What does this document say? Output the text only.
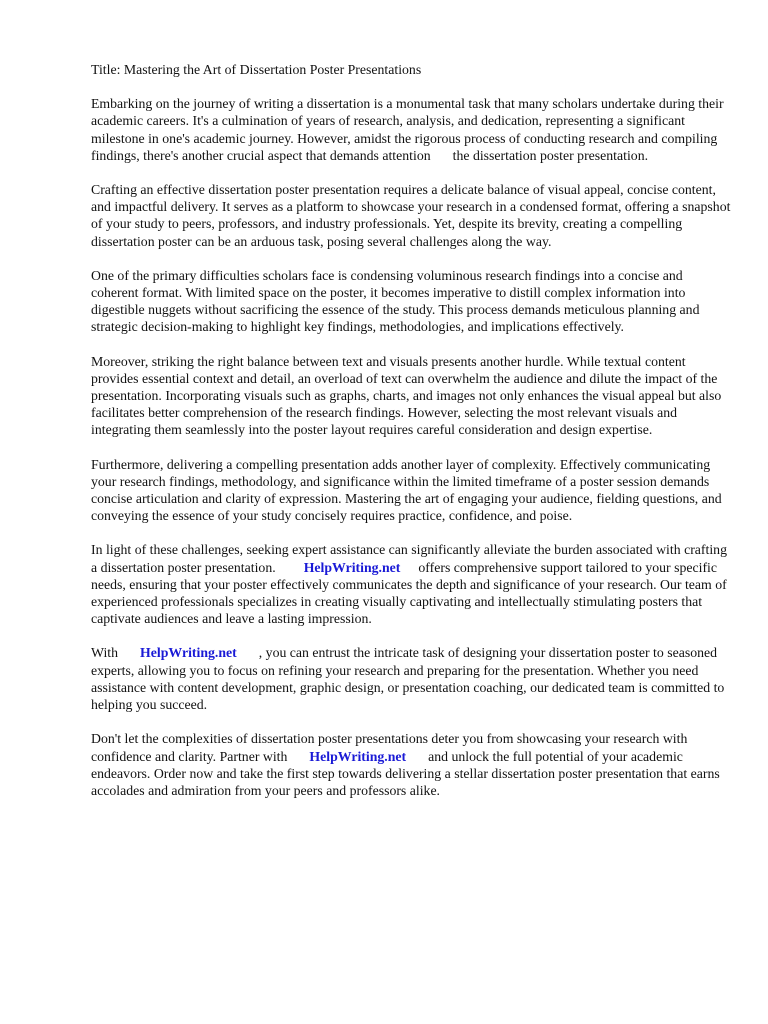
Title: Mastering the Art of Dissertation Poster Presentations

Embarking on the journey of writing a dissertation is a monumental task that many scholars undertake during their academic careers. It's a culmination of years of research, analysis, and dedication, representing a significant milestone in one's academic journey. However, amidst the rigorous process of conducting research and compiling findings, there's another crucial aspect that demands attention the dissertation poster presentation.

Crafting an effective dissertation poster presentation requires a delicate balance of visual appeal, concise content, and impactful delivery. It serves as a platform to showcase your research in a condensed format, offering a snapshot of your study to peers, professors, and industry professionals. Yet, despite its brevity, creating a compelling dissertation poster can be an arduous task, posing several challenges along the way.

One of the primary difficulties scholars face is condensing voluminous research findings into a concise and coherent format. With limited space on the poster, it becomes imperative to distill complex information into digestible nuggets without sacrificing the essence of the study. This process demands meticulous planning and strategic decision-making to highlight key findings, methodologies, and implications effectively.

Moreover, striking the right balance between text and visuals presents another hurdle. While textual content provides essential context and detail, an overload of text can overwhelm the audience and dilute the impact of the presentation. Incorporating visuals such as graphs, charts, and images not only enhances the visual appeal but also facilitates better comprehension of the research findings. However, selecting the most relevant visuals and integrating them seamlessly into the poster layout requires careful consideration and design expertise.

Furthermore, delivering a compelling presentation adds another layer of complexity. Effectively communicating your research findings, methodology, and significance within the limited timeframe of a poster session demands concise articulation and clarity of expression. Mastering the art of engaging your audience, fielding questions, and conveying the essence of your study concisely requires practice, confidence, and poise.

In light of these challenges, seeking expert assistance can significantly alleviate the burden associated with crafting a dissertation poster presentation. HelpWriting.net offers comprehensive support tailored to your specific needs, ensuring that your poster effectively communicates the depth and significance of your research. Our team of experienced professionals specializes in creating visually captivating and intellectually stimulating posters that captivate audiences and leave a lasting impression.

With HelpWriting.net , you can entrust the intricate task of designing your dissertation poster to seasoned experts, allowing you to focus on refining your research and preparing for the presentation. Whether you need assistance with content development, graphic design, or presentation coaching, our dedicated team is committed to helping you succeed.

Don't let the complexities of dissertation poster presentations deter you from showcasing your research with confidence and clarity. Partner with HelpWriting.net and unlock the full potential of your academic endeavors. Order now and take the first step towards delivering a stellar dissertation poster presentation that earns accolades and admiration from your peers and professors alike.
